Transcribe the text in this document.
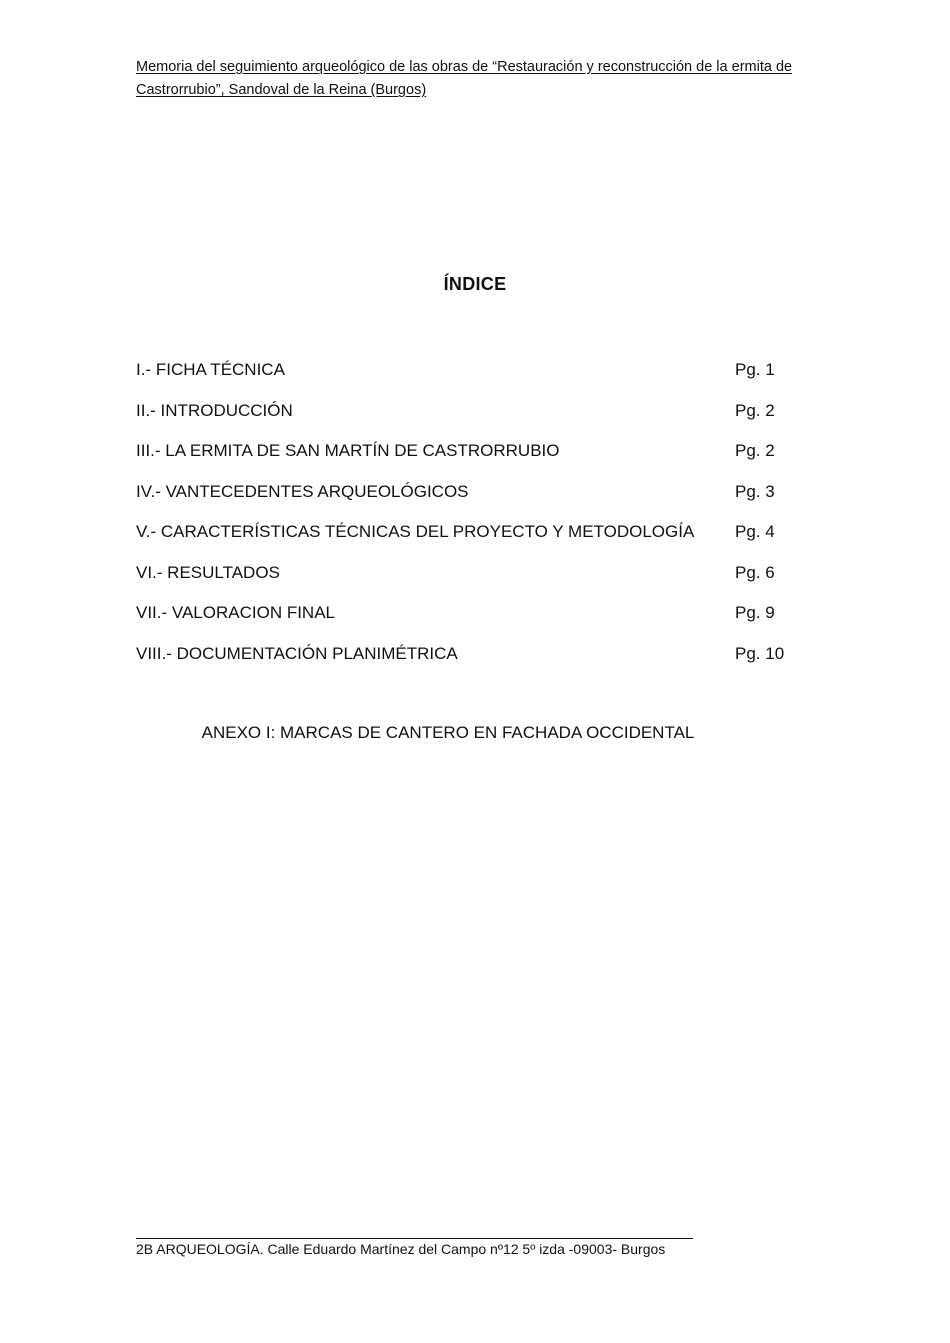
Memoria del seguimiento arqueológico de las obras de “Restauración y reconstrucción de la ermita de
Castrorrubio”, Sandoval de la Reina (Burgos)
ÍNDICE
I.- FICHA TÉCNICA	Pg. 1
II.- INTRODUCCIÓN	Pg. 2
III.- LA ERMITA DE SAN MARTÍN DE CASTRORRUBIO	Pg. 2
IV.- VANTECEDENTES ARQUEOLÓGICOS	Pg. 3
V.- CARACTERÍSTICAS TÉCNICAS DEL PROYECTO Y METODOLOGÍA Pg. 4
VI.- RESULTADOS	Pg. 6
VII.- VALORACION FINAL	Pg. 9
VIII.- DOCUMENTACIÓN PLANIMÉTRICA	Pg. 10
ANEXO I: MARCAS DE CANTERO EN FACHADA OCCIDENTAL
2B ARQUEOLOGÍA. Calle Eduardo Martínez del Campo nº12 5º izda -09003- Burgos
